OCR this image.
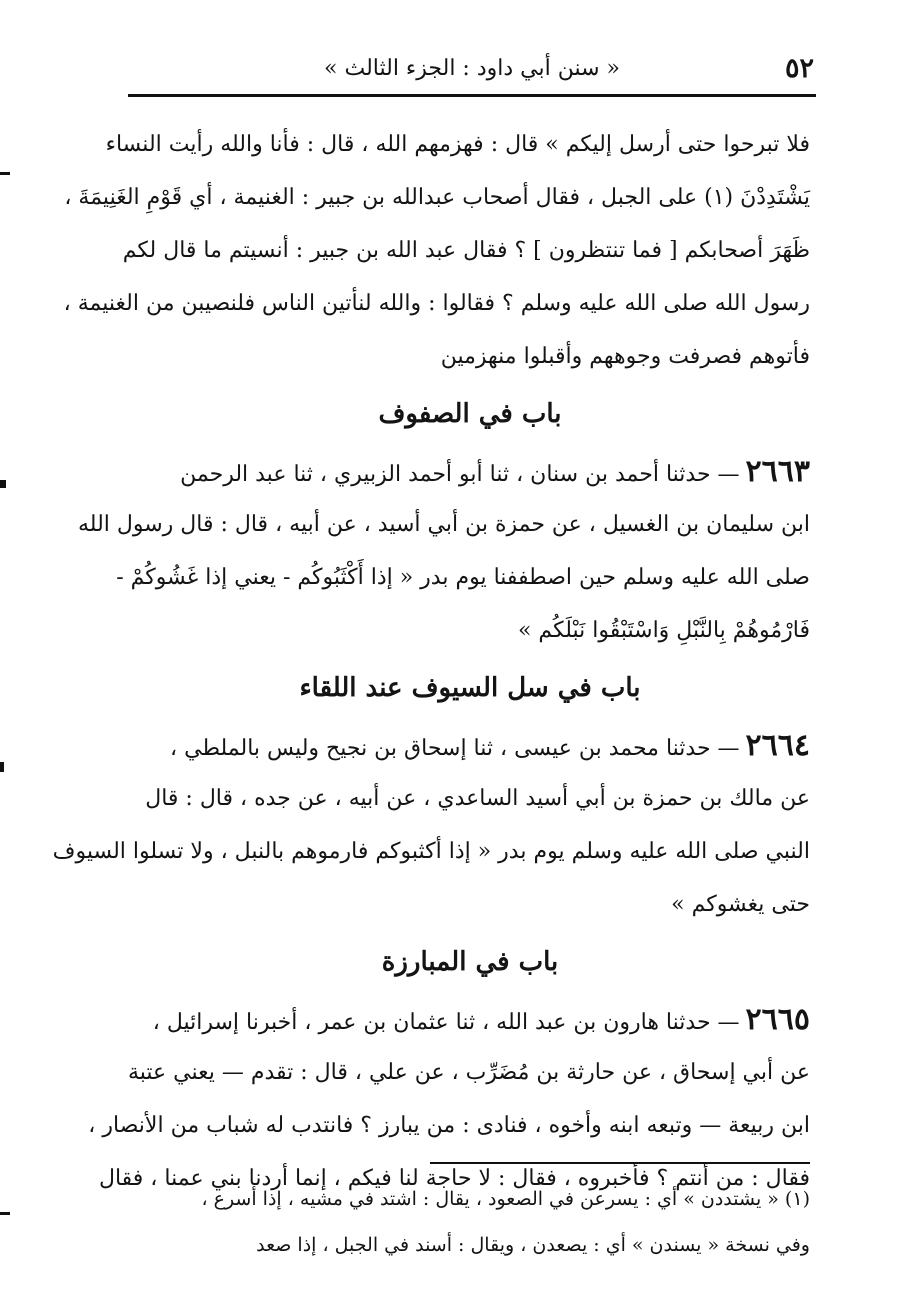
٥٢
« سنن أبي داود : الجزء الثالث »
فلا تبرحوا حتى أرسل إليكم » قال : فهزمهم الله ، قال : فأنا والله رأيت النساء
يَشْتَدِدْنَ (١) على الجبل ، فقال أصحاب عبدالله بن جبير : الغنيمة ، أي قَوْمِ الغَنِيمَةَ ،
ظَهَرَ أصحابكم [ فما تنتظرون ] ؟ فقال عبد الله بن جبير : أنسيتم ما قال لكم
رسول الله صلى الله عليه وسلم ؟ فقالوا : والله لنأتين الناس فلنصيبن من الغنيمة ،
فأتوهم فصرفت وجوههم وأقبلوا منهزمين
باب في الصفوف
٢٦٦٣— حدثنا أحمد بن سنان ، ثنا أبو أحمد الزبيري ، ثنا عبد الرحمن
ابن سليمان بن الغسيل ، عن حمزة بن أبي أسيد ، عن أبيه ، قال : قال رسول الله
صلى الله عليه وسلم حين اصطففنا يوم بدر « إذا أَكْثَبُوكُم - يعني إذا غَشُوكُمْ -
فَارْمُوهُمْ بِالنَّبْلِ وَاسْتَبْقُوا نَبْلَكُم »
باب في سل السيوف عند اللقاء
٢٦٦٤— حدثنا محمد بن عيسى ، ثنا إسحاق بن نجيح وليس بالملطي ،
عن مالك بن حمزة بن أبي أسيد الساعدي ، عن أبيه ، عن جده ، قال : قال
النبي صلى الله عليه وسلم يوم بدر « إذا أكثبوكم فارموهم بالنبل ، ولا تسلوا السيوف
حتى يغشوكم »
باب في المبارزة
٢٦٦٥— حدثنا هارون بن عبد الله ، ثنا عثمان بن عمر ، أخبرنا إسرائيل ،
عن أبي إسحاق ، عن حارثة بن مُضَرِّب ، عن علي ، قال : تقدم — يعني عتبة
ابن ربيعة — وتبعه ابنه وأخوه ، فنادى : من يبارز ؟ فانتدب له شباب من الأنصار ،
فقال : من أنتم ؟ فأخبروه ، فقال : لا حاجة لنا فيكم ، إنما أردنا بني عمنا ، فقال
(١) « يشتددن » أي : يسرعن في الصعود ، يقال : اشتد في مشيه ، إذا أسرع ،
وفي نسخة « يسندن » أي : يصعدن ، ويقال : أسند في الجبل ، إذا صعد
